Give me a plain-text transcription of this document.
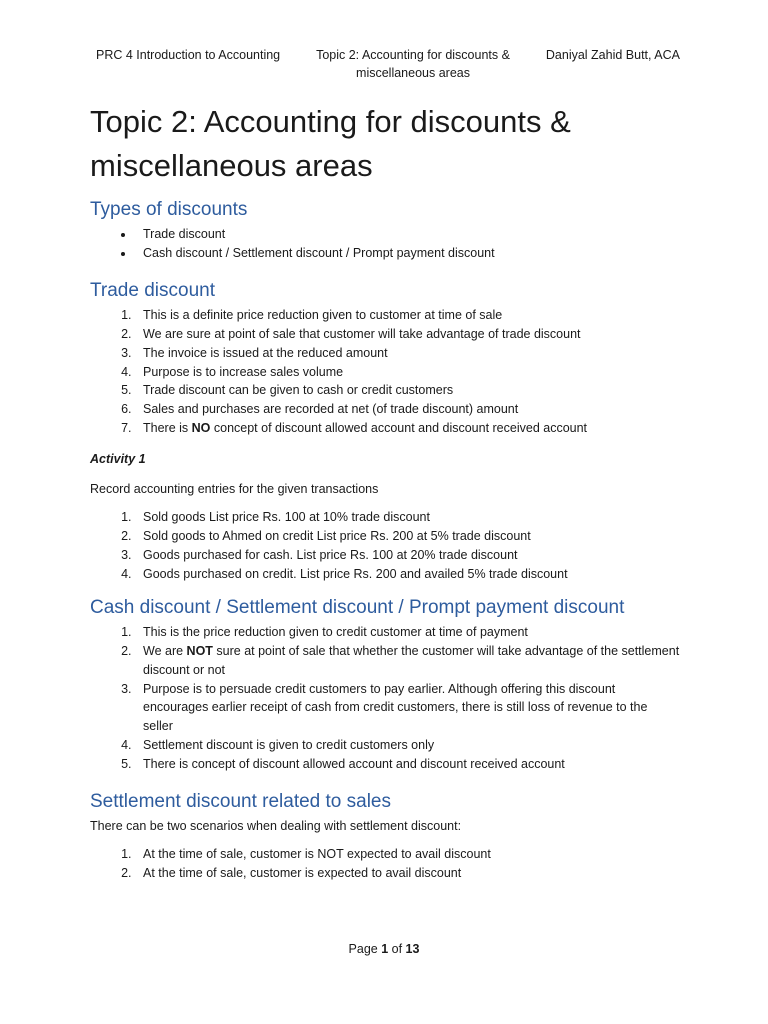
PRC 4 Introduction to Accounting	Topic 2: Accounting for discounts &
miscellaneous areas
Daniyal Zahid Butt, ACA
Topic 2: Accounting for discounts & miscellaneous areas
Types of discounts
• Trade discount
• Cash discount / Settlement discount / Prompt payment discount
Trade discount
1. This is a definite price reduction given to customer at time of sale
2. We are sure at point of sale that customer will take advantage of trade discount
3. The invoice is issued at the reduced amount
4. Purpose is to increase sales volume
5. Trade discount can be given to cash or credit customers
6. Sales and purchases are recorded at net (of trade discount) amount
7. There is NO concept of discount allowed account and discount received account
Activity 1

Record accounting entries for the given transactions

1. Sold goods List price Rs. 100 at 10% trade discount
2. Sold goods to Ahmed on credit List price Rs. 200 at 5% trade discount
3. Goods purchased for cash. List price Rs. 100 at 20% trade discount
4. Goods purchased on credit. List price Rs. 200 and availed 5% trade discount
Cash discount / Settlement discount / Prompt payment discount
1. This is the price reduction given to credit customer at time of payment
2. We are NOT sure at point of sale that whether the customer will take advantage of the settlement discount or not
3. Purpose is to persuade credit customers to pay earlier. Although offering this discount encourages earlier receipt of cash from credit customers, there is still loss of revenue to the seller
4. Settlement discount is given to credit customers only
5. There is concept of discount allowed account and discount received account
Settlement discount related to sales

There can be two scenarios when dealing with settlement discount:

1. At the time of sale, customer is NOT expected to avail discount
2. At the time of sale, customer is expected to avail discount
Page 1 of 13
